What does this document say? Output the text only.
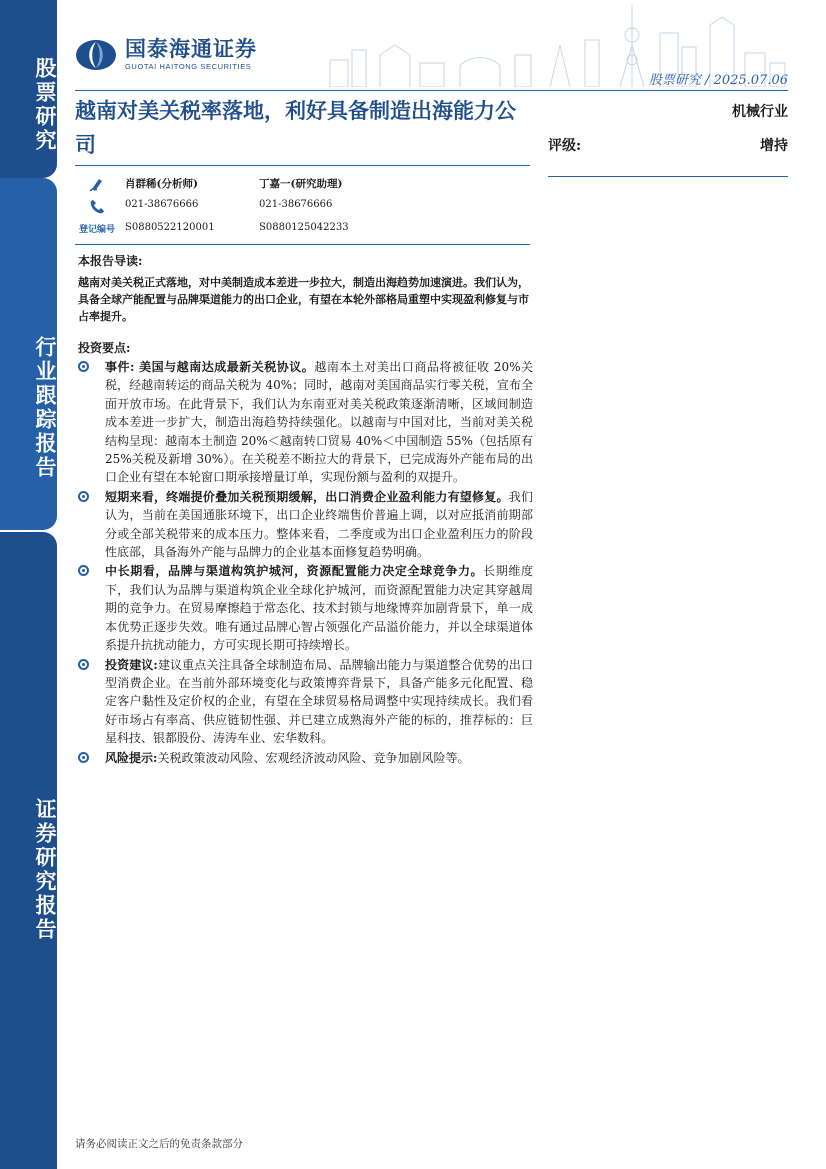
股票研究
行业跟踪报告
证券研究报告
国泰海通证券
GUOTAI HAITONG SECURITIES
股票研究 / 2025.07.06
越南对美关税率落地，利好具备制造出海能力公司
机械行业
评级:	增持
肖群稀(分析师)	丁嘉一(研究助理)
021-38676666	021-38676666
登记编号 S0880522120001	S0880125042233
本报告导读:

越南对美关税正式落地，对中美制造成本差进一步拉大，制造出海趋势加速演进。我们认为，具备全球产能配置与品牌渠道能力的出口企业，有望在本轮外部格局重塑中实现盈利修复与市占率提升。

投资要点:
事件: 美国与越南达成最新关税协议。越南本土对美出口商品将被征收 20%关税，经越南转运的商品关税为 40%；同时，越南对美国商品实行零关税，宣布全面开放市场。在此背景下，我们认为东南亚对美关税政策逐渐清晰，区域间制造成本差进一步扩大，制造出海趋势持续强化。以越南与中国对比，当前对美关税结构呈现：越南本土制造 20%＜越南转口贸易 40%＜中国制造 55%（包括原有 25%关税及新增 30%）。在关税差不断拉大的背景下，已完成海外产能布局的出口企业有望在本轮窗口期承接增量订单，实现份额与盈利的双提升。
短期来看，终端提价叠加关税预期缓解，出口消费企业盈利能力有望修复。我们认为，当前在美国通胀环境下，出口企业终端售价普遍上调，以对应抵消前期部分或全部关税带来的成本压力。整体来看，二季度或为出口企业盈利压力的阶段性底部，具备海外产能与品牌力的企业基本面修复趋势明确。
中长期看，品牌与渠道构筑护城河，资源配置能力决定全球竞争力。长期维度下，我们认为品牌与渠道构筑企业全球化护城河，而资源配置能力决定其穿越周期的竞争力。在贸易摩擦趋于常态化、技术封锁与地缘博弈加剧背景下，单一成本优势正逐步失效。唯有通过品牌心智占领强化产品溢价能力，并以全球渠道体系提升抗扰动能力，方可实现长期可持续增长。
投资建议:建议重点关注具备全球制造布局、品牌输出能力与渠道整合优势的出口型消费企业。在当前外部环境变化与政策博弈背景下，具备产能多元化配置、稳定客户黏性及定价权的企业，有望在全球贸易格局调整中实现持续成长。我们看好市场占有率高、供应链韧性强、并已建立成熟海外产能的标的，推荐标的：巨星科技、银都股份、涛涛车业、宏华数科。
风险提示:关税政策波动风险、宏观经济波动风险、竞争加剧风险等。
请务必阅读正文之后的免责条款部分
